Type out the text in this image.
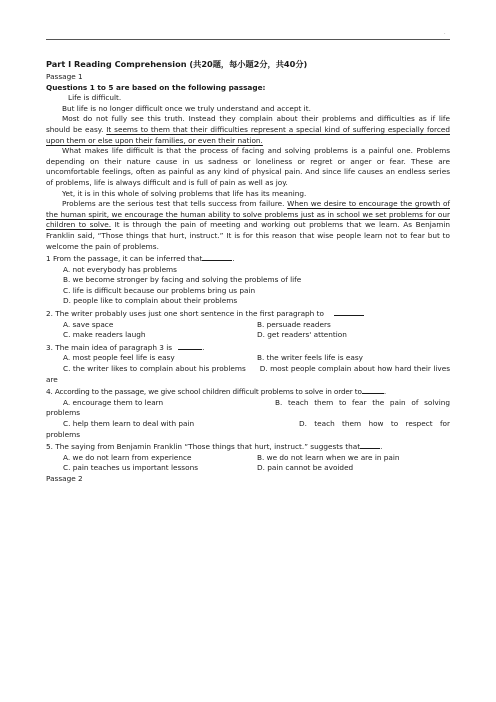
.
Part I Reading Comprehension (共20题，每小题2分，共40分)
Passage 1
Questions 1 to 5 are based on the following passage:
Life is difficult.
But life is no longer difficult once we truly understand and accept it.
Most do not fully see this truth. Instead they complain about their problems and difficulties as if life should be easy. It seems to them that their difficulties represent a special kind of suffering especially forced upon them or else upon their families, or even their nation.
What makes life difficult is that the process of facing and solving problems is a painful one. Problems depending on their nature cause in us sadness or loneliness or regret or anger or fear. These are uncomfortable feelings, often as painful as any kind of physical pain. And since life causes an endless series of problems, life is always difficult and is full of pain as well as joy.
Yet, it is in this whole of solving problems that life has its meaning.
Problems are the serious test that tells success from failure. When we desire to encourage the growth of the human spirit, we encourage the human ability to solve problems just as in school we set problems for our children to solve. It is through the pain of meeting and working out problems that we learn. As Benjamin Franklin said, “Those things that hurt, instruct.” It is for this reason that wise people learn not to fear but to welcome the pain of problems.
1 From the passage, it can be inferred that	.
A. not everybody has problems
B. we become stronger by facing and solving the problems of life
C. life is difficult because our problems bring us pain
D. people like to complain about their problems
2. The writer probably uses just one short sentence in the first paragraph to
A. save space	B. persuade readers
C. make readers laugh	D. get readers' attention
3. The main idea of paragraph 3 is	.
A. most people feel life is easy	B. the writer feels life is easy
C. the writer likes to complain about his problems D. most people complain about how hard their lives are
4. According to the passage, we give school children difficult problems to solve in order to	.
A. encourage them to learn	B. teach them to fear the pain of solving problems
C. help them learn to deal with pain	D. teach them how to respect for problems
5. The saying from Benjamin Franklin “Those things that hurt, instruct.” suggests that	.
A. we do not learn from experience	B. we do not learn when we are in pain
C. pain teaches us important lessons	D. pain cannot be avoided
Passage 2
